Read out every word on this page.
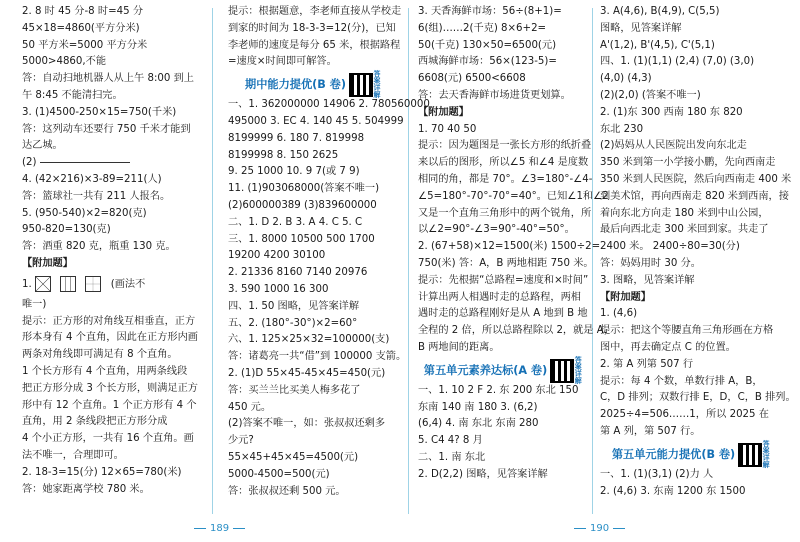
2. 8 时 45 分-8 时=45 分
45×18=4860(平方分米)
50 平方米=5000 平方分米
5000>4860,不能
答：自动扫地机器人从上午 8:00 到上
午 8:45 不能清扫完。
3. (1)4500-250×15=750(千米)
答：这列动车还要行 750 千米才能到
达乙城。
(2)
4. (42×216)×3-89=211(人)
答：篮球社一共有 211 人报名。
5. (950-540)×2=820(克)
950-820=130(克)
答：酒重 820 克，瓶重 130 克。
【附加题】
1.	(画法不
唯一)
提示：正方形的对角线互相垂直，正方
形本身有 4 个直角，因此在正方形内画
两条对角线即可满足有 8 个直角。
1 个长方形有 4 个直角，用两条线段
把正方形分成 3 个长方形，则满足正方
形中有 12 个直角。1 个正方形有 4 个
直角，用 2 条线段把正方形分成
4 个小正方形，一共有 16 个直角。画
法不唯一，合理即可。
2. 18-3=15(分) 12×65=780(米)
答：她家距离学校 780 米。
提示：根据题意，李老师直接从学校走
到家的时间为 18-3-3=12(分)，已知
李老师的速度是每分 65 米，根据路程
=速度×时间即可解答。
期中能力提优(B 卷)答案详解
一、1. 362000000 14906 2. 780560000
495000 3. EC 4. 140 45 5. 504999
8199999 6. 180 7. 819998
8199998 8. 150 2625
9. 25 1000 10. 9 7(或 7 9)
11. (1)903068000(答案不唯一)
(2)600000389 (3)839600000
二、1. D 2. B 3. A 4. C 5. C
三、1. 8000 10500 500 1700
19200 4200 30100
2. 21336 8160 7140 20976
3. 590 1000 16 300
四、1. 50 图略，见答案详解
五、2. (180°-30°)×2=60°
六、1. 125×25×32=100000(支)
答：诸葛亮一共“借”到 100000 支箭。
2. (1)D 55×45-45×45=450(元)
答：买兰兰比买美人梅多花了
450 元。
(2)答案不唯一，如：张叔叔还剩多
少元?
55×45+45×45=4500(元)
5000-4500=500(元)
答：张叔叔还剩 500 元。
3. 天香海鲜市场：56÷(8+1)=
6(组)……2(千克) 8×6+2=
50(千克) 130×50=6500(元)
西城海鲜市场：56×(123-5)=
6608(元) 6500<6608
答：去天香海鲜市场进货更划算。
【附加题】
1. 70 40 50
提示：因为题图是一张长方形的纸折叠
来以后的图形，所以∠5 和∠4 是度数
相同的角，都是 70°。∠3=180°-∠4-
∠5=180°-70°-70°=40°。已知∠1和∠2
又是一个直角三角形中的两个锐角，所
以∠2=90°-∠3=90°-40°=50°。
2. (67+58)×12=1500(米) 1500÷2=
750(米) 答：A，B 两地相距 750 米。
提示：先根据“总路程=速度和×时间”
计算出两人相遇时走的总路程，两相
遇时走的总路程刚好是从 A 地到 B 地
全程的 2 倍，所以总路程除以 2，就是 A，
B 两地间的距离。
第五单元素养达标(A 卷)答案详解
一、1. 10 2 F 2. 东 200 东北 150
东南 140 南 180 3. (6,2)
(6,4) 4. 南 东北 东南 280
5. C4 4? 8 月
二、1. 南 东北
2. D(2,2) 图略，见答案详解
3. A(4,6), B(4,9), C(5,5)
图略，见答案详解
A'(1,2), B'(4,5), C'(5,1)
四、1. (1)(1,1) (2,4) (7,0) (3,0)
(4,0) (4,3)
(2)(2,0) (答案不唯一)
2. (1)东 300 西南 180 东 820
东北 230
(2)妈妈从人民医院出发向东北走
350 米到第一小学接小鹏，先向西南走
350 米到人民医院，然后向西南走 400 米
到美术馆，再向西南走 820 米到西南，接
着向东北方向走 180 米到中山公园，
最后向西北走 300 米回到家。共走了
2400 米。 2400÷80=30(分)
答：妈妈用时 30 分。
3. 图略，见答案详解
【附加题】
1. (4,6)
提示：把这个等腰直角三角形画在方格
图中，再去确定点 C 的位置。
2. 第 A 列第 507 行
提示：每 4 个数，单数行排 A，B，
C，D 排列；双数行排 E，D，C，B 排列。
2025÷4=506……1，所以 2025 在
第 A 列，第 507 行。
第五单元能力提优(B 卷)答案详解
一、1. (1)(3,1) (2)力 人
2. (4,6) 3. 东南 1200 东 1500
189	190
